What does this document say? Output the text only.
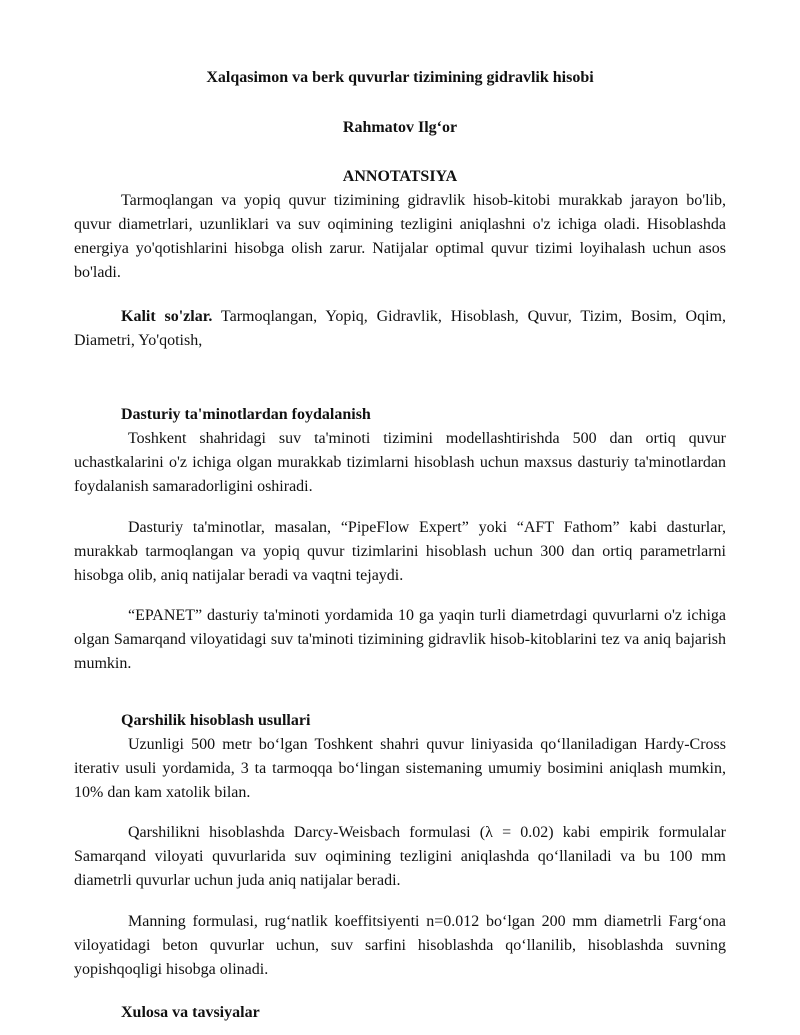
Xalqasimon va berk quvurlar tizimining gidravlik hisobi
Rahmatov Ilg‘or
ANNOTATSIYA

Tarmoqlangan va yopiq quvur tizimining gidravlik hisob-kitobi murakkab jarayon bo'lib, quvur diametrlari, uzunliklari va suv oqimining tezligini aniqlashni o'z ichiga oladi. Hisoblashda energiya yo'qotishlarini hisobga olish zarur. Natijalar optimal quvur tizimi loyihalash uchun asos bo'ladi.

Kalit so'zlar. Tarmoqlangan, Yopiq, Gidravlik, Hisoblash, Quvur, Tizim, Bosim, Oqim, Diametri, Yo'qotish,

Dasturiy ta'minotlardan foydalanish

Toshkent shahridagi suv ta'minoti tizimini modellashtirishda 500 dan ortiq quvur uchastkalarini o'z ichiga olgan murakkab tizimlarni hisoblash uchun maxsus dasturiy ta'minotlardan foydalanish samaradorligini oshiradi.

Dasturiy ta'minotlar, masalan, “PipeFlow Expert” yoki “AFT Fathom” kabi dasturlar, murakkab tarmoqlangan va yopiq quvur tizimlarini hisoblash uchun 300 dan ortiq parametrlarni hisobga olib, aniq natijalar beradi va vaqtni tejaydi.

“EPANET” dasturiy ta'minoti yordamida 10 ga yaqin turli diametrdagi quvurlarni o'z ichiga olgan Samarqand viloyatidagi suv ta'minoti tizimining gidravlik hisob-kitoblarini tez va aniq bajarish mumkin.

Qarshilik hisoblash usullari

Uzunligi 500 metr bo‘lgan Toshkent shahri quvur liniyasida qo‘llaniladigan Hardy-Cross iterativ usuli yordamida, 3 ta tarmoqqa bo‘lingan sistemaning umumiy bosimini aniqlash mumkin, 10% dan kam xatolik bilan.

Qarshilikni hisoblashda Darcy-Weisbach formulasi (λ = 0.02) kabi empirik formulalar Samarqand viloyati quvurlarida suv oqimining tezligini aniqlashda qo‘llaniladi va bu 100 mm diametrli quvurlar uchun juda aniq natijalar beradi.

Manning formulasi, rug‘natlik koeffitsiyenti n=0.012 bo‘lgan 200 mm diametrli Farg‘ona viloyatidagi beton quvurlar uchun, suv sarfini hisoblashda qo‘llanilib, hisoblashda suvning yopishqoqligi hisobga olinadi.

Xulosa va tavsiyalar
